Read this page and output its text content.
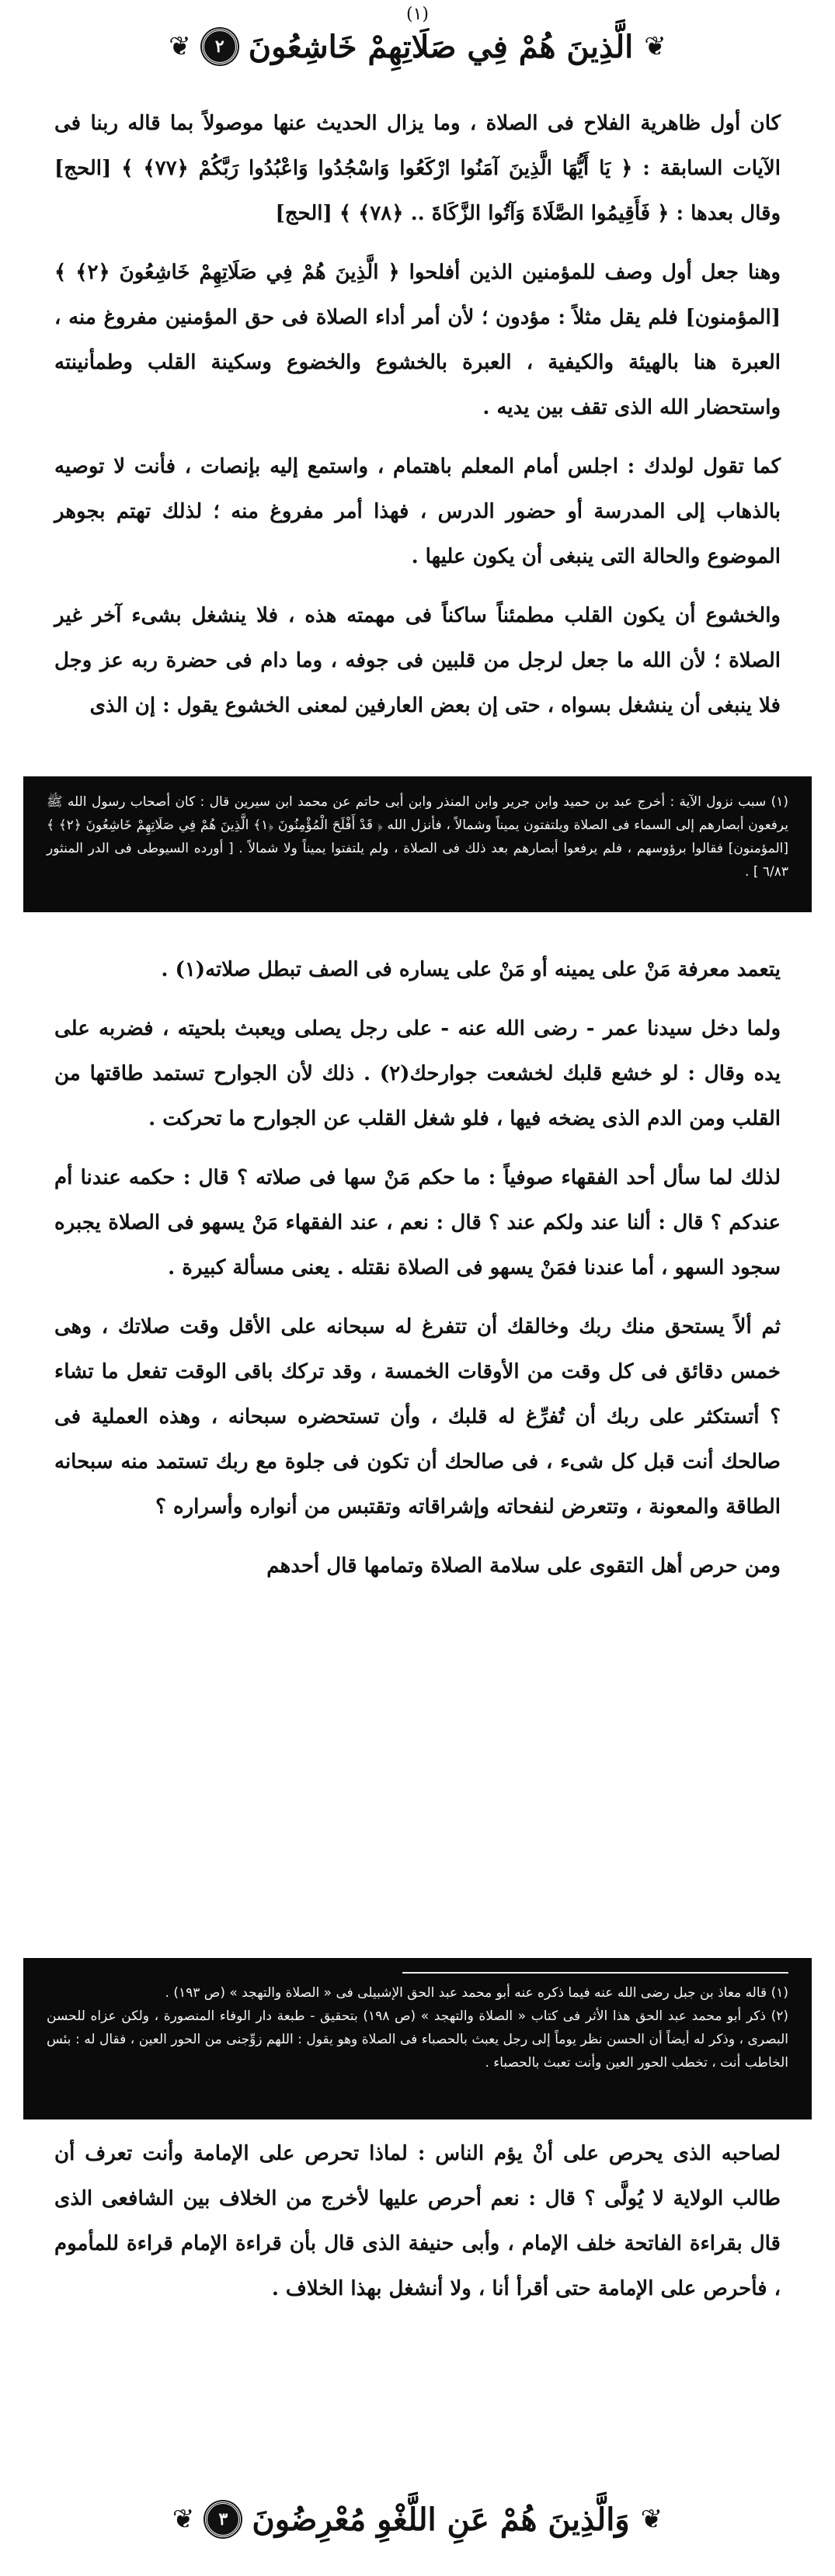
(١)
❦
الَّذِينَ هُمْ فِي صَلَاتِهِمْ خَاشِعُونَ
٢
❦

كان أول ظاهرية الفلاح فى الصلاة ، وما يزال الحديث عنها موصولاً بما قاله ربنا فى الآيات السابقة : ﴿ يَا أَيُّهَا الَّذِينَ آمَنُوا ارْكَعُوا وَاسْجُدُوا وَاعْبُدُوا رَبَّكُمْ ﴿٧٧﴾ ﴾ [الحج] وقال بعدها : ﴿ فَأَقِيمُوا الصَّلَاةَ وَآتُوا الزَّكَاةَ .. ﴿٧٨﴾ ﴾ [الحج]

وهنا جعل أول وصف للمؤمنين الذين أفلحوا ﴿ الَّذِينَ هُمْ فِي صَلَاتِهِمْ خَاشِعُونَ ﴿٢﴾ ﴾ [المؤمنون] فلم يقل مثلاً : مؤدون ؛ لأن أمر أداء الصلاة فى حق المؤمنين مفروغ منه ، العبرة هنا بالهيئة والكيفية ، العبرة بالخشوع والخضوع وسكينة القلب وطمأنينته واستحضار الله الذى تقف بين يديه .

كما تقول لولدك : اجلس أمام المعلم باهتمام ، واستمع إليه بإنصات ، فأنت لا توصيه بالذهاب إلى المدرسة أو حضور الدرس ، فهذا أمر مفروغ منه ؛ لذلك تهتم بجوهر الموضوع والحالة التى ينبغى أن يكون عليها .

والخشوع أن يكون القلب مطمئناً ساكناً فى مهمته هذه ، فلا ينشغل بشىء آخر غير الصلاة ؛ لأن الله ما جعل لرجل من قلبين فى جوفه ، وما دام فى حضرة ربه عز وجل فلا ينبغى أن ينشغل بسواه ، حتى إن بعض العارفين لمعنى الخشوع يقول : إن الذى

(١) سبب نزول الآية : أخرج عبد بن حميد وابن جرير وابن المنذر وابن أبى حاتم عن محمد ابن سيرين قال : كان أصحاب رسول الله ﷺ يرفعون أبصارهم إلى السماء فى الصلاة ويلتفتون يميناً وشمالاً ، فأنزل الله ﴿ قَدْ أَفْلَحَ الْمُؤْمِنُونَ ﴿١﴾ الَّذِينَ هُمْ فِي صَلَاتِهِمْ خَاشِعُونَ ﴿٢﴾ ﴾ [المؤمنون] فقالوا برؤوسهم ، فلم يرفعوا أبصارهم بعد ذلك فى الصلاة ، ولم يلتفتوا يميناً ولا شمالاً . [ أورده السيوطى فى الدر المنثور ٦/٨٣ ] .

يتعمد معرفة مَنْ على يمينه أو مَنْ على يساره فى الصف تبطل صلاته(١) .

ولما دخل سيدنا عمر - رضى الله عنه - على رجل يصلى ويعبث بلحيته ، فضربه على يده وقال : لو خشع قلبك لخشعت جوارحك(٢) . ذلك لأن الجوارح تستمد طاقتها من القلب ومن الدم الذى يضخه فيها ، فلو شغل القلب عن الجوارح ما تحركت .

لذلك لما سأل أحد الفقهاء صوفياً : ما حكم مَنْ سها فى صلاته ؟ قال : حكمه عندنا أم عندكم ؟ قال : ألنا عند ولكم عند ؟ قال : نعم ، عند الفقهاء مَنْ يسهو فى الصلاة يجبره سجود السهو ، أما عندنا فمَنْ يسهو فى الصلاة نقتله . يعنى مسألة كبيرة .

ثم ألاً يستحق منك ربك وخالقك أن تتفرغ له سبحانه على الأقل وقت صلاتك ، وهى خمس دقائق فى كل وقت من الأوقات الخمسة ، وقد تركك باقى الوقت تفعل ما تشاء ؟ أتستكثر على ربك أن تُفرِّغ له قلبك ، وأن تستحضره سبحانه ، وهذه العملية فى صالحك أنت قبل كل شىء ، فى صالحك أن تكون فى جلوة مع ربك تستمد منه سبحانه الطاقة والمعونة ، وتتعرض لنفحاته وإشراقاته وتقتبس من أنواره وأسراره ؟

ومن حرص أهل التقوى على سلامة الصلاة وتمامها قال أحدهم

(١) قاله معاذ بن جبل رضى الله عنه فيما ذكره عنه أبو محمد عبد الحق الإشبيلى فى « الصلاة والتهجد » (ص ١٩٣) .

(٢) ذكر أبو محمد عبد الحق هذا الأثر فى كتاب « الصلاة والتهجد » (ص ١٩٨) بتحقيق - طبعة دار الوفاء المنصورة ، ولكن عزاه للحسن البصرى ، وذكر له أيضاً أن الحسن نظر يوماً إلى رجل يعبث بالحصباء فى الصلاة وهو يقول : اللهم زوِّجنى من الحور العين ، فقال له : بئس الخاطب أنت ، تخطب الحور العين وأنت تعبث بالحصباء .

لصاحبه الذى يحرص على أنْ يؤم الناس : لماذا تحرص على الإمامة وأنت تعرف أن طالب الولاية لا يُولَّى ؟ قال : نعم أحرص عليها لأخرج من الخلاف بين الشافعى الذى قال بقراءة الفاتحة خلف الإمام ، وأبى حنيفة الذى قال بأن قراءة الإمام قراءة للمأموم ، فأحرص على الإمامة حتى أقرأ أنا ، ولا أنشغل بهذا الخلاف .

❦
وَالَّذِينَ هُمْ عَنِ اللَّغْوِ مُعْرِضُونَ
٣
❦
